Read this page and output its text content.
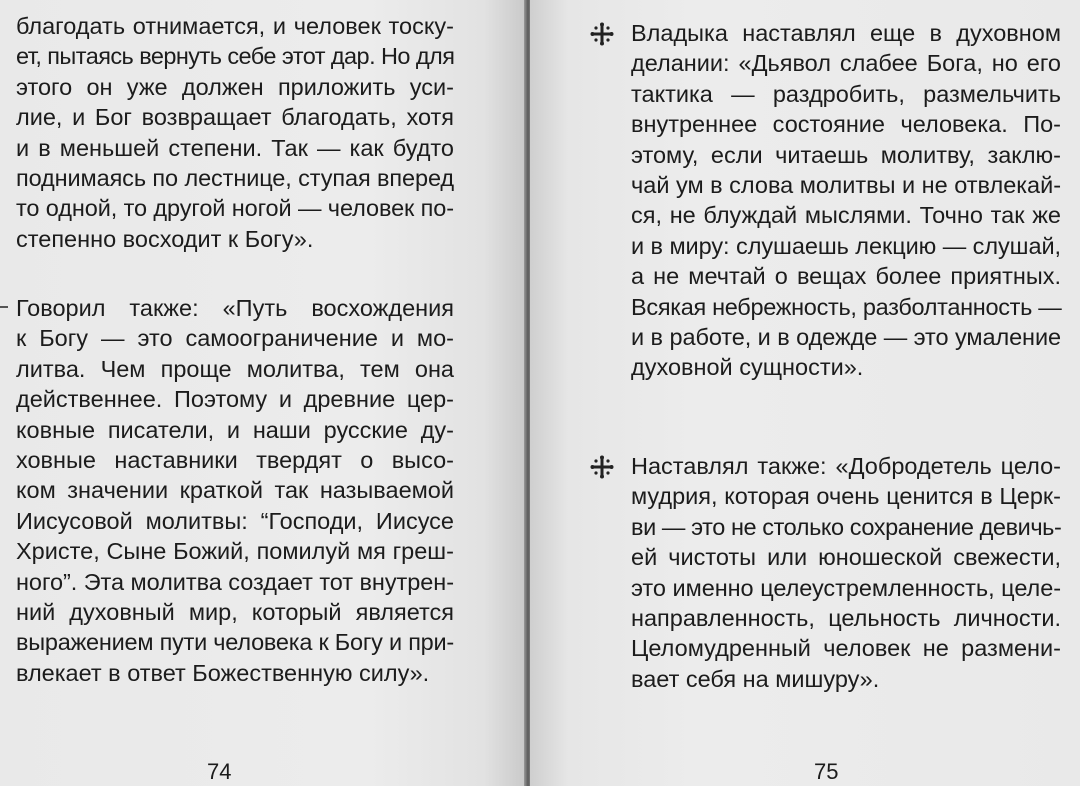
благодать отнимается, и человек тоску-
ет, пытаясь вернуть себе этот дар. Но для
этого он уже должен приложить уси-
лие, и Бог возвращает благодать, хотя
и в меньшей степени. Так — как будто
поднимаясь по лестнице, ступая вперед
то одной, то другой ногой — человек по-
степенно восходит к Богу».
Говорил также: «Путь восхождения
к Богу — это самоограничение и мо-
литва. Чем проще молитва, тем она
действеннее. Поэтому и древние цер-
ковные писатели, и наши русские ду-
ховные наставники твердят о высо-
ком значении краткой так называемой
Иисусовой молитвы: “Господи, Иисусе
Христе, Сыне Божий, помилуй мя греш-
ного”. Эта молитва создает тот внутрен-
ний духовный мир, который является
выражением пути человека к Богу и при-
влекает в ответ Божественную силу».
74
Владыка наставлял еще в духовном
делании: «Дьявол слабее Бога, но его
тактика — раздробить, размельчить
внутреннее состояние человека. По-
этому, если читаешь молитву, заклю-
чай ум в слова молитвы и не отвлекай-
ся, не блуждай мыслями. Точно так же
и в миру: слушаешь лекцию — слушай,
а не мечтай о вещах более приятных.
Всякая небрежность, разболтанность —
и в работе, и в одежде — это умаление
духовной сущности».
Наставлял также: «Добродетель цело-
мудрия, которая очень ценится в Церк-
ви — это не столько сохранение девичь-
ей чистоты или юношеской свежести,
это именно целеустремленность, целе-
направленность, цельность личности.
Целомудренный человек не размени-
вает себя на мишуру».
75
